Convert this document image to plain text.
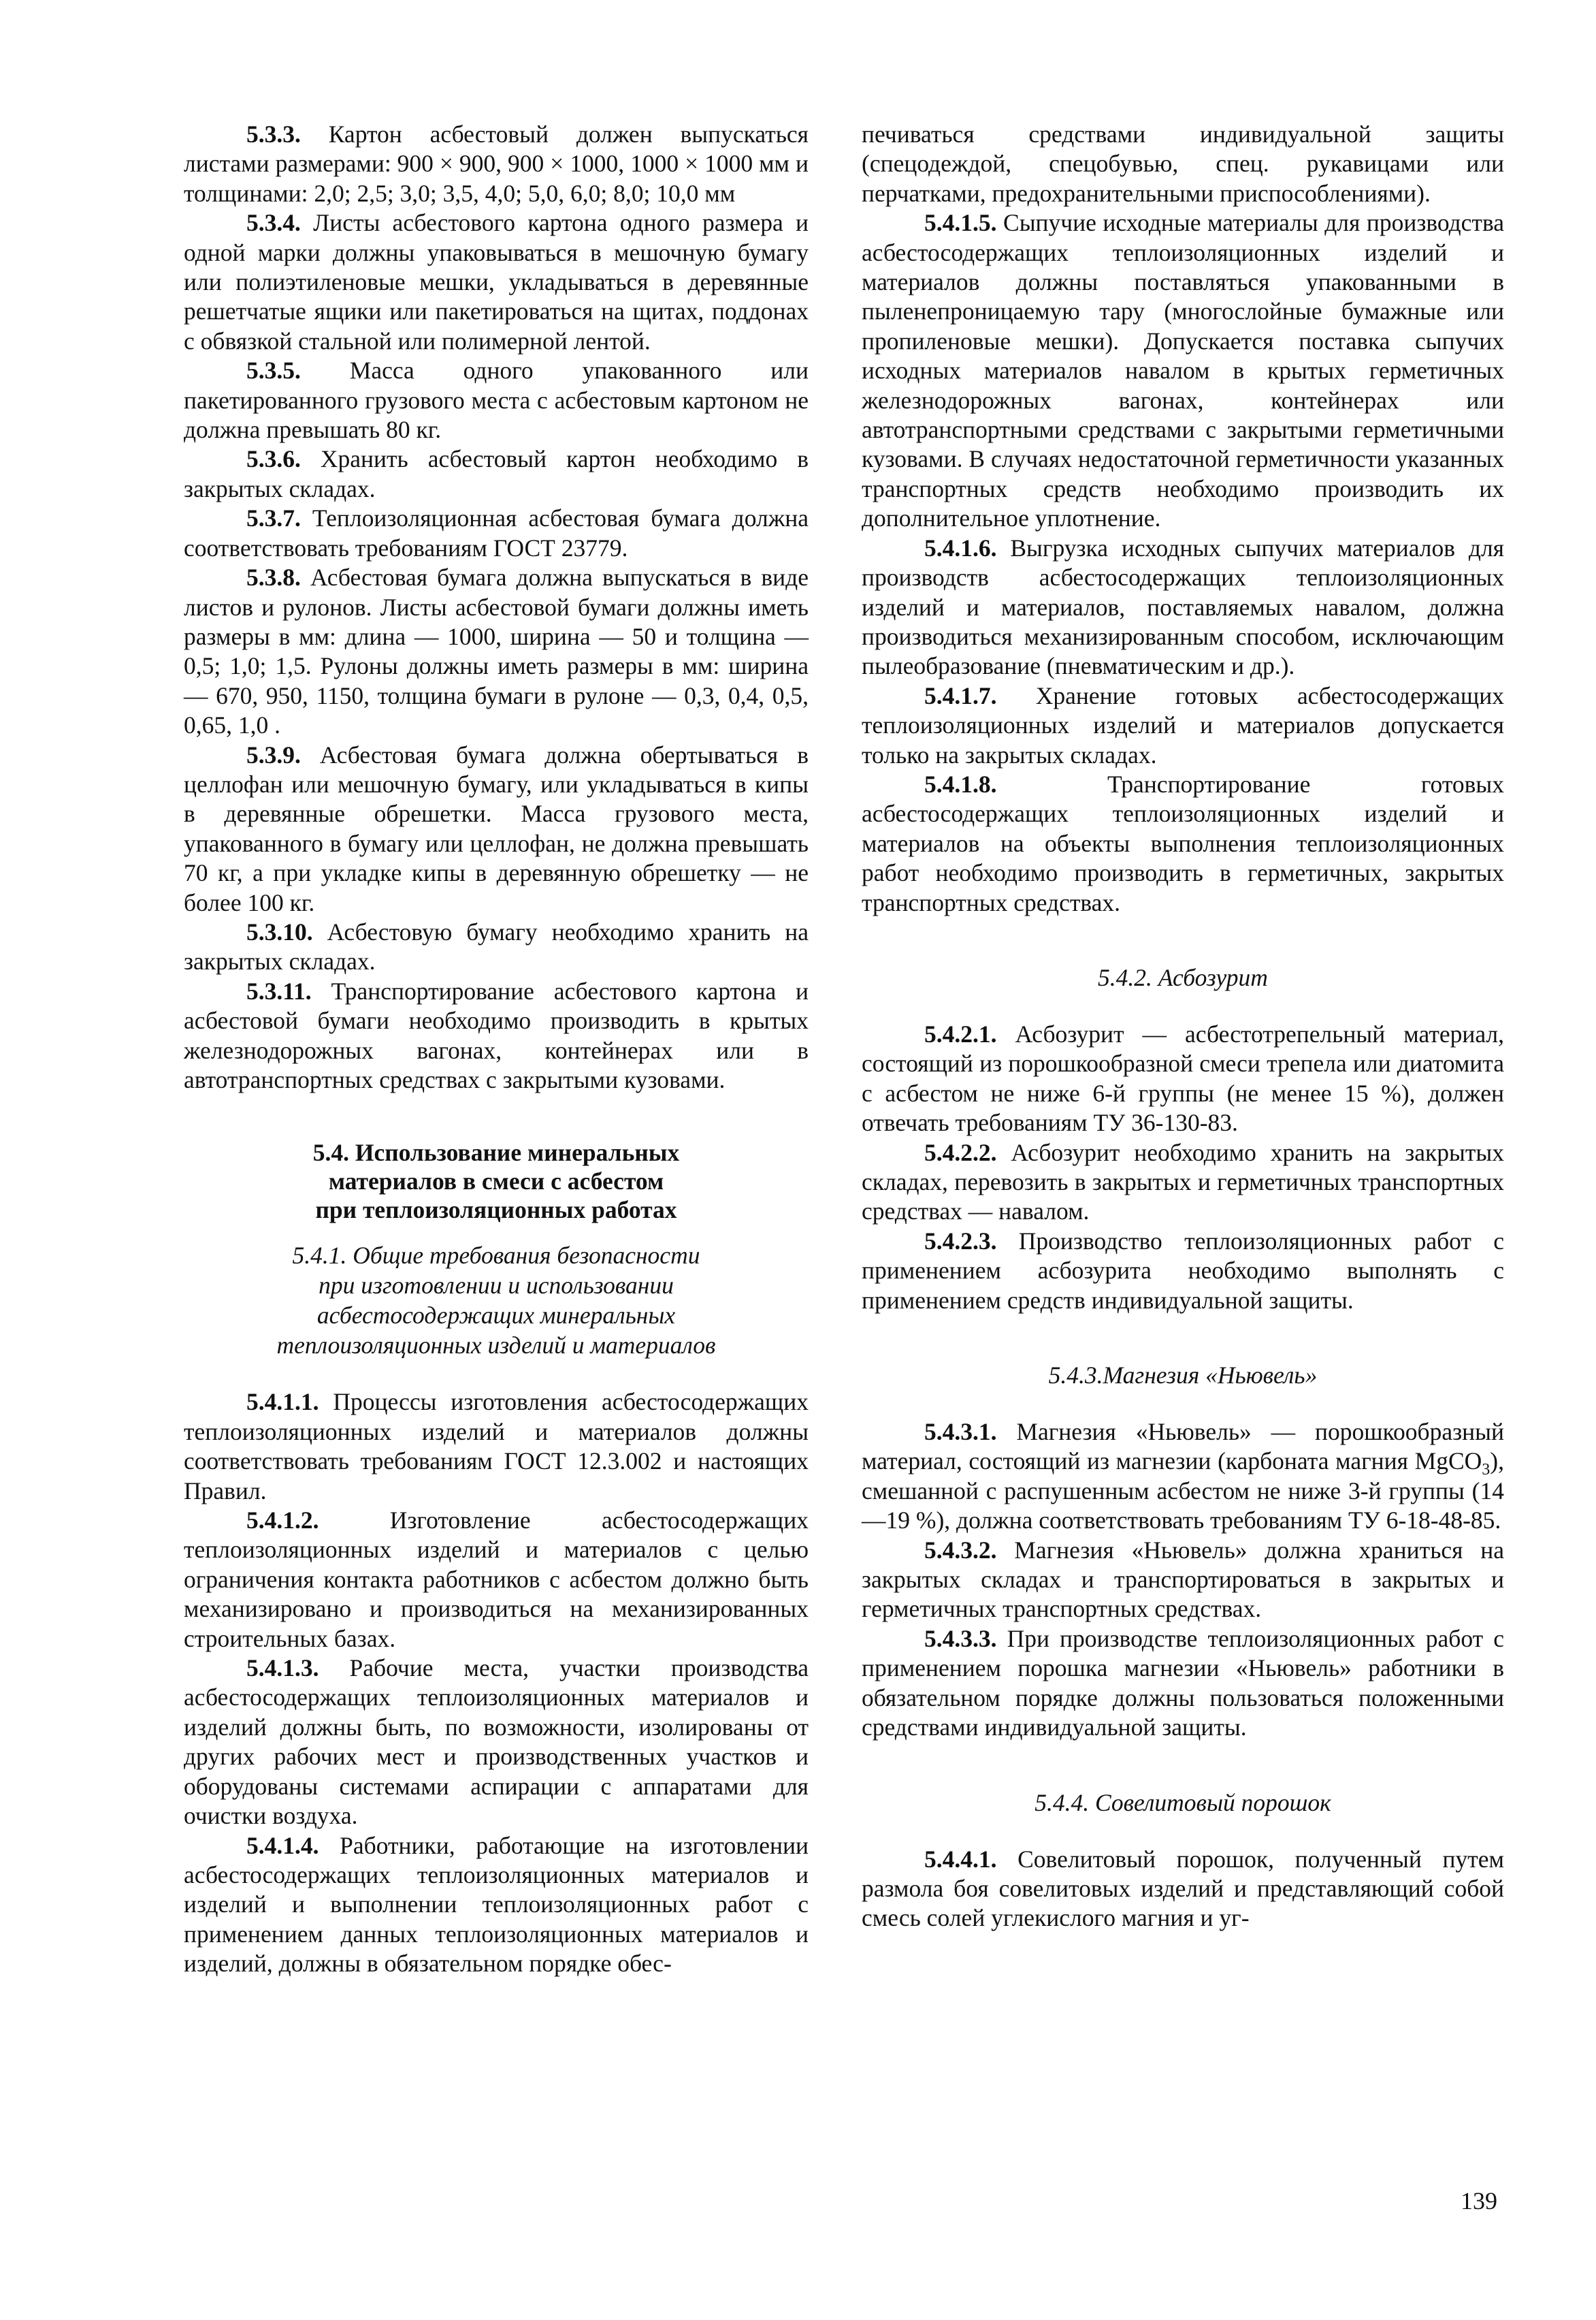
5.3.3. Картон асбестовый должен выпускаться листами размерами: 900 × 900, 900 × 1000, 1000 × 1000 мм и толщинами: 2,0; 2,5; 3,0; 3,5, 4,0; 5,0, 6,0; 8,0; 10,0 мм

5.3.4. Листы асбестового картона одного размера и одной марки должны упаковываться в мешочную бумагу или полиэтиленовые мешки, укладываться в деревянные решетчатые ящики или пакетироваться на щитах, поддонах с обвязкой стальной или полимерной лентой.

5.3.5. Масса одного упакованного или пакетированного грузового места с асбестовым картоном не должна превышать 80 кг.

5.3.6. Хранить асбестовый картон необходимо в закрытых складах.

5.3.7. Теплоизоляционная асбестовая бумага должна соответствовать требованиям ГОСТ 23779.

5.3.8. Асбестовая бумага должна выпускаться в виде листов и рулонов. Листы асбестовой бумаги должны иметь размеры в мм: длина — 1000, ширина — 50 и толщина — 0,5; 1,0; 1,5. Рулоны должны иметь размеры в мм: ширина — 670, 950, 1150, толщина бумаги в рулоне — 0,3, 0,4, 0,5, 0,65, 1,0 .

5.3.9. Асбестовая бумага должна обертываться в целлофан или мешочную бумагу, или укладываться в кипы в деревянные обрешетки. Масса грузового места, упакованного в бумагу или целлофан, не должна превышать 70 кг, а при укладке кипы в деревянную обрешетку — не более 100 кг.

5.3.10. Асбестовую бумагу необходимо хранить на закрытых складах.

5.3.11. Транспортирование асбестового картона и асбестовой бумаги необходимо производить в крытых железнодорожных вагонах, контейнерах или в автотранспортных средствах с закрытыми кузовами.

5.4. Использование минеральных
материалов в смеси с асбестом
при теплоизоляционных работах
5.4.1. Общие требования безопасности
при изготовлении и использовании
асбестосодержащих минеральных
теплоизоляционных изделий и материалов

5.4.1.1. Процессы изготовления асбестосодержащих теплоизоляционных изделий и материалов должны соответствовать требованиям ГОСТ 12.3.002 и настоящих Правил.

5.4.1.2. Изготовление асбестосодержащих теплоизоляционных изделий и материалов с целью ограничения контакта работников с асбестом должно быть механизировано и производиться на механизированных строительных базах.

5.4.1.3. Рабочие места, участки производства асбестосодержащих теплоизоляционных материалов и изделий должны быть, по возможности, изолированы от других рабочих мест и производственных участков и оборудованы системами аспирации с аппаратами для очистки воздуха.

5.4.1.4. Работники, работающие на изготовлении асбестосодержащих теплоизоляционных материалов и изделий и выполнении теплоизоляционных работ с применением данных теплоизоляционных материалов и изделий, должны в обязательном порядке обес-

печиваться средствами индивидуальной защиты (спецодеждой, спецобувью, спец. рукавицами или перчатками, предохранительными приспособлениями).

5.4.1.5. Сыпучие исходные материалы для производства асбестосодержащих теплоизоляционных изделий и материалов должны поставляться упакованными в пыленепроницаемую тару (многослойные бумажные или пропиленовые мешки). Допускается поставка сыпучих исходных материалов навалом в крытых герметичных железнодорожных вагонах, контейнерах или автотранспортными средствами с закрытыми герметичными кузовами. В случаях недостаточной герметичности указанных транспортных средств необходимо производить их дополнительное уплотнение.

5.4.1.6. Выгрузка исходных сыпучих материалов для производств асбестосодержащих теплоизоляционных изделий и материалов, поставляемых навалом, должна производиться механизированным способом, исключающим пылеобразование (пневматическим и др.).

5.4.1.7. Хранение готовых асбестосодержащих теплоизоляционных изделий и материалов допускается только на закрытых складах.

5.4.1.8. Транспортирование готовых асбестосодержащих теплоизоляционных изделий и материалов на объекты выполнения теплоизоляционных работ необходимо производить в герметичных, закрытых транспортных средствах.

5.4.2. Асбозурит

5.4.2.1. Асбозурит — асбестотрепельный материал, состоящий из порошкообразной смеси трепела или диатомита с асбестом не ниже 6-й группы (не менее 15 %), должен отвечать требованиям ТУ 36-130-83.

5.4.2.2. Асбозурит необходимо хранить на закрытых складах, перевозить в закрытых и герметичных транспортных средствах — навалом.

5.4.2.3. Производство теплоизоляционных работ с применением асбозурита необходимо выполнять с применением средств индивидуальной защиты.

5.4.3.Магнезия «Ньювель»

5.4.3.1. Магнезия «Ньювель» — порошкообразный материал, состоящий из магнезии (карбоната магния MgCO$_3$), смешанной с распушенным асбестом не ниже 3-й группы (14—19 %), должна соответствовать требованиям ТУ 6-18-48-85.

5.4.3.2. Магнезия «Ньювель» должна храниться на закрытых складах и транспортироваться в закрытых и герметичных транспортных средствах.

5.4.3.3. При производстве теплоизоляционных работ с применением порошка магнезии «Ньювель» работники в обязательном порядке должны пользоваться положенными средствами индивидуальной защиты.

5.4.4. Совелитовый порошок

5.4.4.1. Совелитовый порошок, полученный путем размола боя совелитовых изделий и представляющий собой смесь солей углекислого магния и уг-

139
